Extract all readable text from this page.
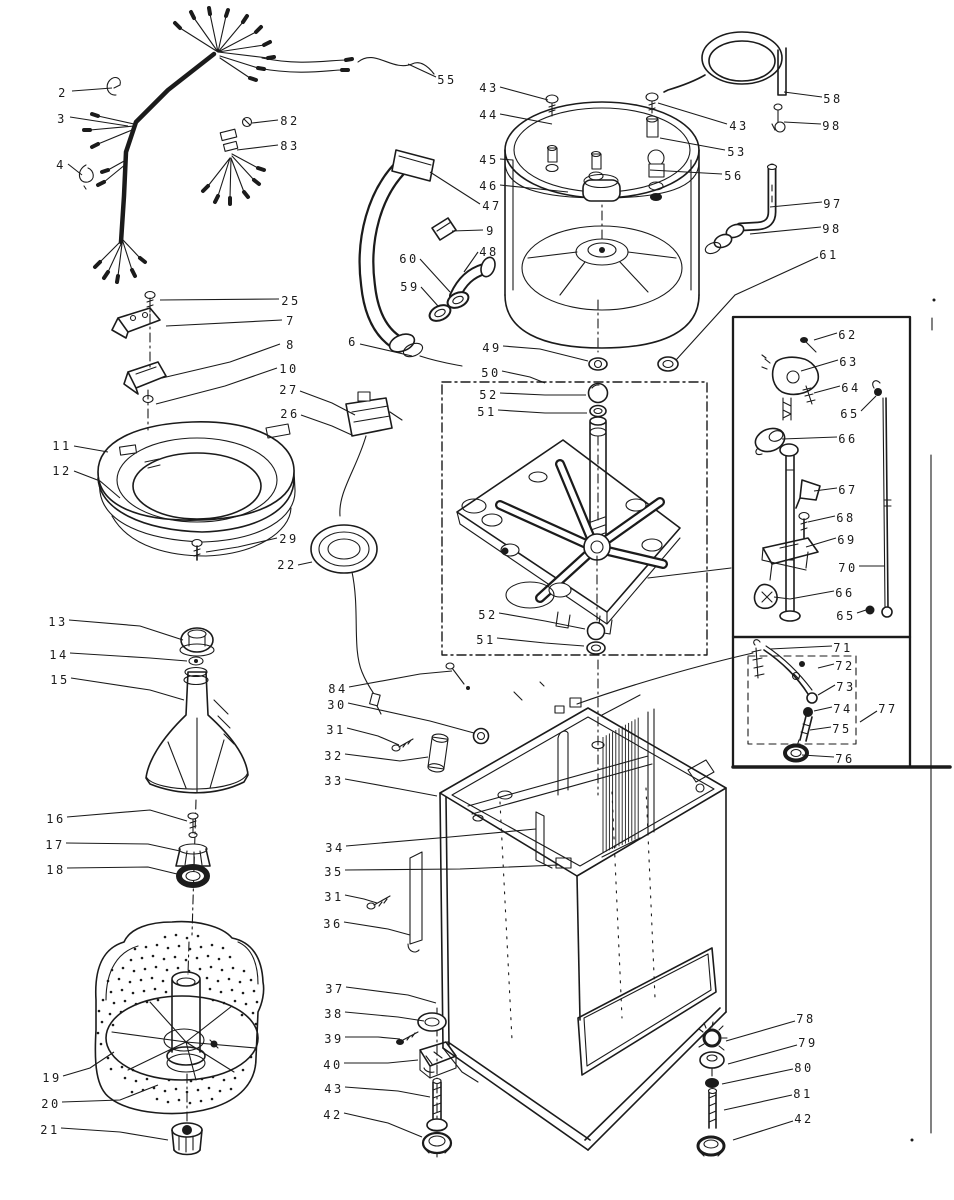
2
3
4
82
83
55
43
44
45
46
47
9
48
60
59
6
43
53
56
58
98
97
98
61
25
7
8
10
27
26
11
12
29
22
13
14
15
16
17
18
19
20
21
84
30
31
32
33
34
35
31
36
37
38
39
40
43
42
49
50
52
51
52
51
62
63
64
65
66
67
68
69
70
66
65
71
72
73
74
75
76
77
78
79
80
81
42
